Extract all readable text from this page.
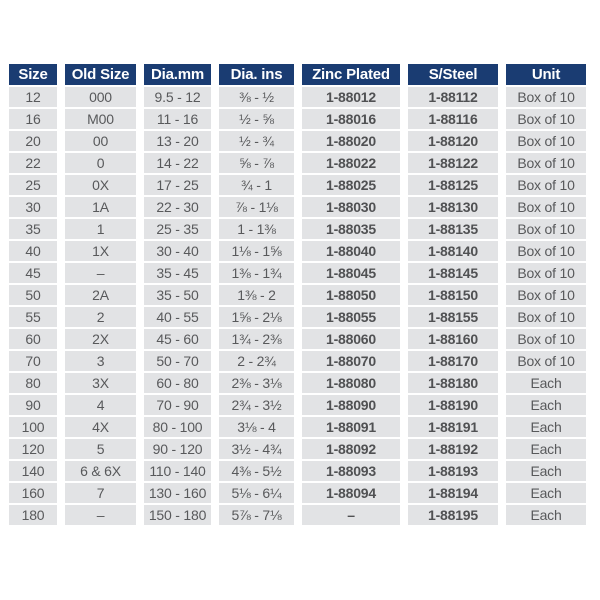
Size	Old Size	Dia.mm	Dia. ins	Zinc Plated	S/Steel	Unit
12	000	9.5 - 12	⅜ - ½	1-88012	1-88112	Box of 10
16	M00	11 - 16	½ - ⅝	1-88016	1-88116	Box of 10
20	00	13 - 20	½ - ¾	1-88020	1-88120	Box of 10
22	0	14 - 22	⅝ - ⅞	1-88022	1-88122	Box of 10
25	0X	17 - 25	¾ - 1	1-88025	1-88125	Box of 10
30	1A	22 - 30	⅞ - 1⅛	1-88030	1-88130	Box of 10
35	1	25 - 35	1 - 1⅜	1-88035	1-88135	Box of 10
40	1X	30 - 40	1⅛ - 1⅝	1-88040	1-88140	Box of 10
45	–	35 - 45	1⅜ - 1¾	1-88045	1-88145	Box of 10
50	2A	35 - 50	1⅜ - 2	1-88050	1-88150	Box of 10
55	2	40 - 55	1⅝ - 2⅛	1-88055	1-88155	Box of 10
60	2X	45 - 60	1¾ - 2⅜	1-88060	1-88160	Box of 10
70	3	50 - 70	2 - 2¾	1-88070	1-88170	Box of 10
80	3X	60 - 80	2⅜ - 3⅛	1-88080	1-88180	Each
90	4	70 - 90	2¾ - 3½	1-88090	1-88190	Each
100	4X	80 - 100	3⅛ - 4	1-88091	1-88191	Each
120	5	90 - 120	3½ - 4¾	1-88092	1-88192	Each
140	6 & 6X	110 - 140	4⅜ - 5½	1-88093	1-88193	Each
160	7	130 - 160	5⅛ - 6¼	1-88094	1-88194	Each
180	–	150 - 180	5⅞ - 7⅛	–	1-88195	Each
